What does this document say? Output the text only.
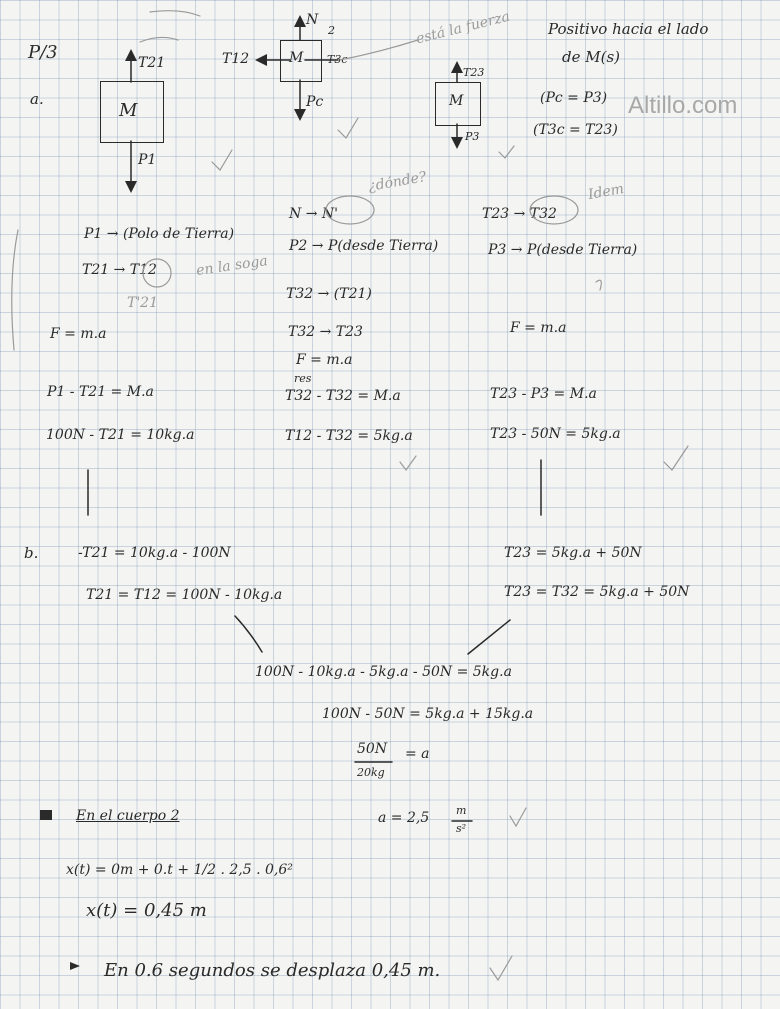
P/3
Positivo hacia el lado
de M(s)
(Pc = P3)
(T3c = T23)
está la fuerza
Altillo.com
a.
M
T21
P1
M
N
2
T12	T3c
Pc	M
T23
P3
P1 → (Polo de Tierra)
T21 → T12	en la soga
T'21
F = m.a
P1 - T21 = M.a
100N - T21 = 10kg.a
N → N'
¿dónde?
P2 → P(desde Tierra)
T32 → (T21)
T32 → T23
F = m.a
res
T32 - T32 = M.a
T12 - T32 = 5kg.a
T23 → T32
Idem
P3 → P(desde Tierra)
F = m.a
T23 - P3 = M.a
T23 - 50N = 5kg.a
b.	-T21 = 10kg.a - 100N
T21 = T12 = 100N - 10kg.a
T23 = 5kg.a + 50N
T23 = T32 = 5kg.a + 50N
100N - 10kg.a - 5kg.a - 50N = 5kg.a
100N - 50N = 5kg.a + 15kg.a
50N
20kg
= a
a = 2,5 m
s²
En el cuerpo 2
x(t) = 0m + 0.t + 1/2 . 2,5 . 0,6²
x(t) = 0,45 m
En 0.6 segundos se desplaza 0,45 m.
